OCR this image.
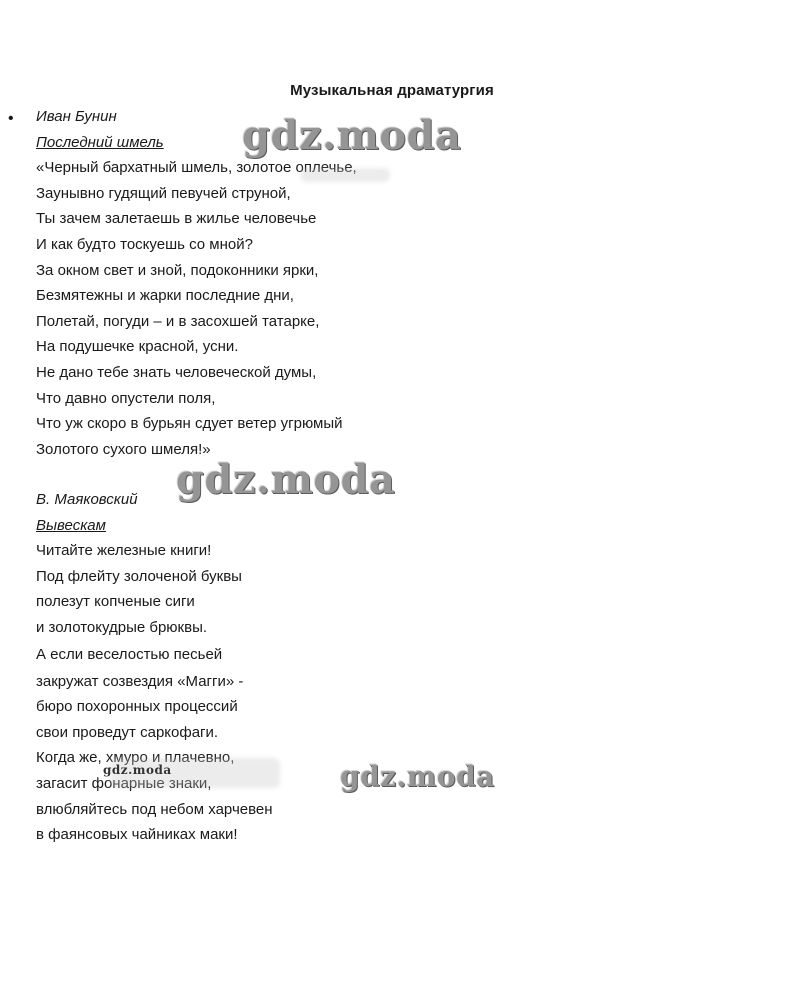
Музыкальная драматургия
• Иван Бунин
Последний шмель
«Черный бархатный шмель, золотое оплечье,
Заунывно гудящий певучей струной,
Ты зачем залетаешь в жилье человечье
И как будто тоскуешь со мной?
За окном свет и зной, подоконники ярки,
Безмятежны и жарки последние дни,
Полетай, погуди – и в засохшей татарке,
На подушечке красной, усни.
Не дано тебе знать человеческой думы,
Что давно опустели поля,
Что уж скоро в бурьян сдует ветер угрюмый
Золотого сухого шмеля!»
В. Маяковский
Вывескам
Читайте железные книги!
Под флейту золоченой буквы
полезут копченые сиги
и золотокудрые брюквы.
А если веселостью песьей
закружат созвездия «Магги» -
бюро похоронных процессий
свои проведут саркофаги.
Когда же, хмуро и плачевно,
загасит фонарные знаки,
влюбляйтесь под небом харчевен
в фаянсовых чайниках маки!
gdz.moda
gdz.moda
gdz.moda
gdz.moda
